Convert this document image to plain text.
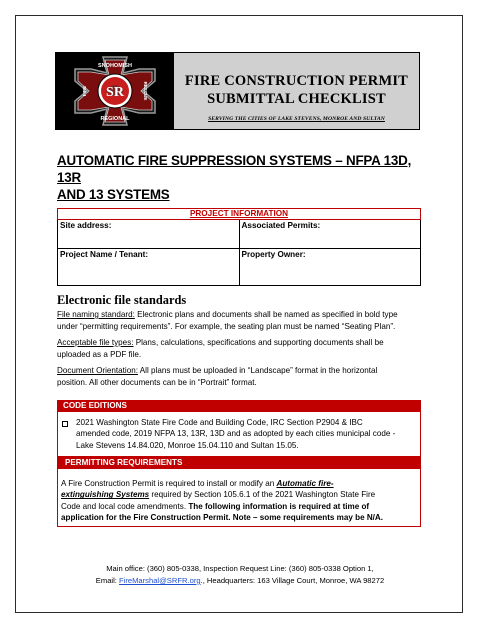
SR
SNOHOMISH
REGIONAL
FIRE	RESCUE
FIRE CONSTRUCTION PERMIT
SUBMITTAL CHECKLIST
SERVING THE CITIES OF LAKE STEVENS, MONROE AND SULTAN
AUTOMATIC FIRE SUPPRESSION SYSTEMS – NFPA 13D, 13R
AND 13 SYSTEMS
PROJECT INFORMATION	
Site address:	Associated Permits:
Project Name / Tenant:	Property Owner:
Electronic file standards
File naming standard: Electronic plans and documents shall be named as specified in bold type
under “permitting requirements”. For example, the seating plan must be named “Seating Plan”.
Acceptable file types: Plans, calculations, specifications and supporting documents shall be
uploaded as a PDF file.
Document Orientation: All plans must be uploaded in “Landscape” format in the horizontal
position. All other documents can be in “Portrait” format.
CODE EDITIONS
2021 Washington State Fire Code and Building Code, IRC Section P2904 & IBC
amended code, 2019 NFPA 13, 13R, 13D and as adopted by each cities municipal code -
Lake Stevens 14.84.020, Monroe 15.04.110 and Sultan 15.05.
PERMITTING REQUIREMENTS
A Fire Construction Permit is required to install or modify an Automatic fire-
extinguishing Systems required by Section 105.6.1 of the 2021 Washington State Fire
Code and local code amendments. The following information is required at time of
application for the Fire Construction Permit. Note – some requirements may be N/A.
Main office: (360) 805-0338, Inspection Request Line: (360) 805-0338 Option 1,
Email: FireMarshal@SRFR.org., Headquarters: 163 Village Court, Monroe, WA 98272
